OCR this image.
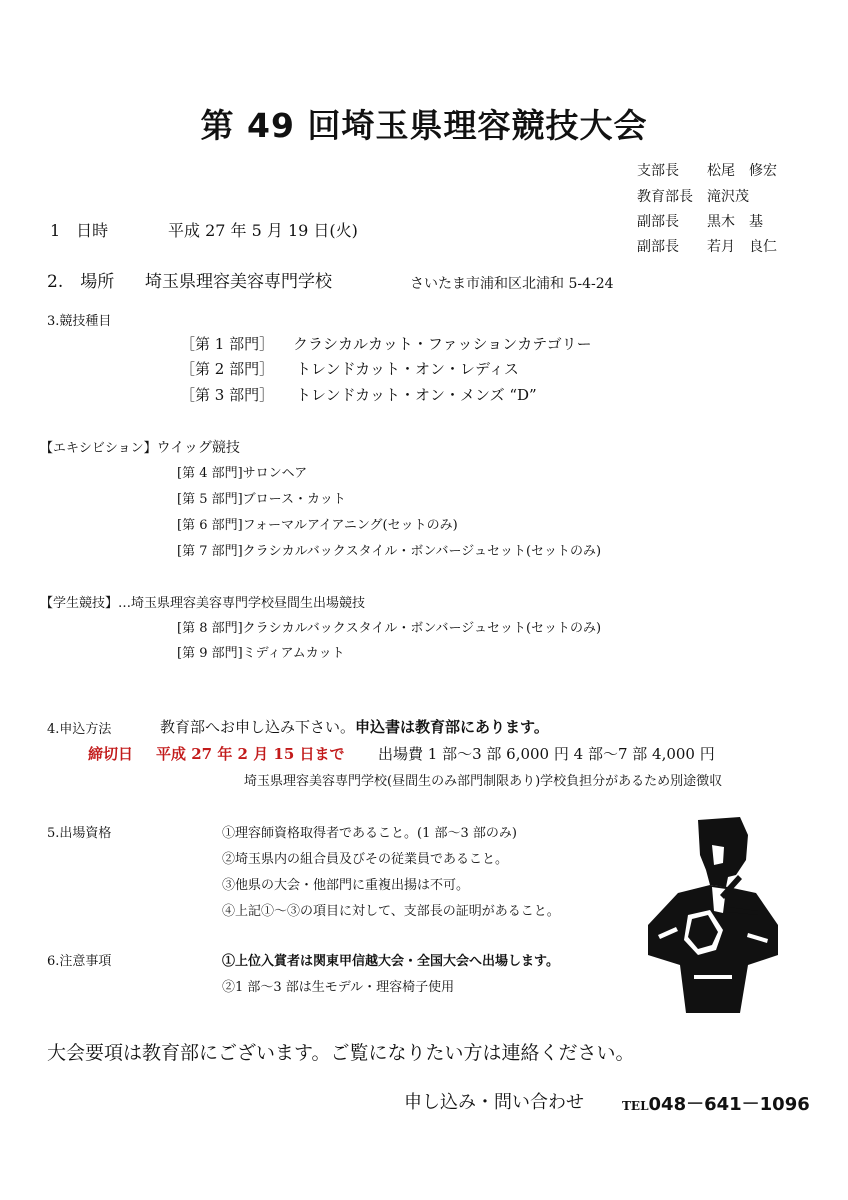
第 49 回埼玉県理容競技大会
支部長 松尾　修宏
教育部長 滝沢茂
副部長 黒木　基
副部長 若月　良仁
1　日時	平成 27 年 5 月 19 日(火)
2.　場所 埼玉県理容美容専門学校	さいたま市浦和区北浦和 5-4-24
3.競技種目
［第 1 部門］ クラシカルカット・ファッションカテゴリー
［第 2 部門］ トレンドカット・オン・レディス
［第 3 部門］ トレンドカット・オン・メンズ “D”
【エキシビション】ウイッグ競技
[第 4 部門]サロンヘア
[第 5 部門]ブロース・カット
[第 6 部門]フォーマルアイアニング(セットのみ)
[第 7 部門]クラシカルバックスタイル・ボンバージュセット(セットのみ)
【学生競技】…埼玉県理容美容専門学校昼間生出場競技
[第 8 部門]クラシカルバックスタイル・ボンバージュセット(セットのみ)
[第 9 部門]ミディアムカット
4.申込方法	教育部へお申し込み下さい。申込書は教育部にあります。
締切日 平成 27 年 2 月 15 日まで 出場費 1 部～3 部 6,000 円 4 部～7 部 4,000 円
埼玉県理容美容専門学校(昼間生のみ部門制限あり)学校負担分があるため別途徴収
5.出場資格	①理容師資格取得者であること。(1 部～3 部のみ)
②埼玉県内の組合員及びその従業員であること。
③他県の大会・他部門に重複出揚は不可。
④上記①～③の項目に対して、支部長の証明があること。
6.注意事項	①上位入賞者は関東甲信越大会・全国大会へ出場します。
②1 部～3 部は生モデル・理容椅子使用
大会要項は教育部にございます。ご覧になりたい方は連絡ください。
申し込み・問い合わせ	TEL048－641－1096
